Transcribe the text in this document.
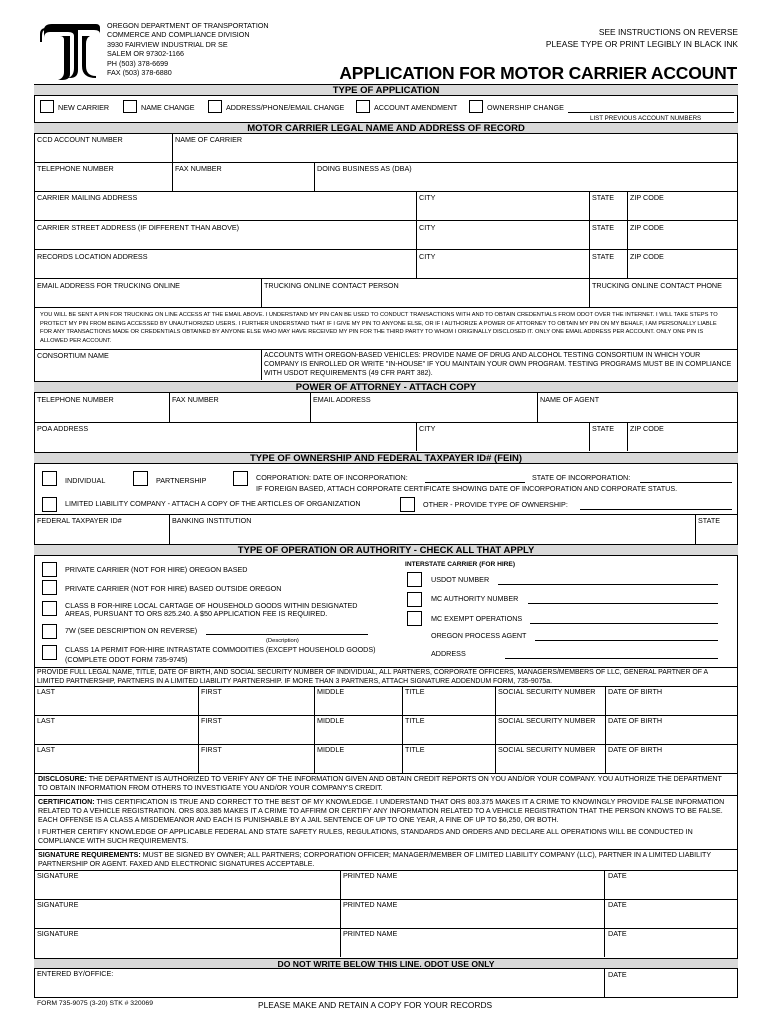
OREGON DEPARTMENT OF TRANSPORTATION
COMMERCE AND COMPLIANCE DIVISION
3930 FAIRVIEW INDUSTRIAL DR SE
SALEM OR 97302-1166
PH (503) 378-6699
FAX (503) 378-6880
SEE INSTRUCTIONS ON REVERSE
PLEASE TYPE OR PRINT LEGIBLY IN BLACK INK
APPLICATION FOR MOTOR CARRIER ACCOUNT
TYPE OF APPLICATION
NEW CARRIER	NAME CHANGE	ADDRESS/PHONE/EMAIL CHANGE	ACCOUNT AMENDMENT	OWNERSHIP CHANGE
LIST PREVIOUS ACCOUNT NUMBERS
MOTOR CARRIER LEGAL NAME AND ADDRESS OF RECORD
CCD ACCOUNT NUMBER	NAME OF CARRIER
TELEPHONE NUMBER	FAX NUMBER	DOING BUSINESS AS (DBA)
CARRIER MAILING ADDRESS	CITY	STATE ZIP CODE
CARRIER STREET ADDRESS (IF DIFFERENT THAN ABOVE)	CITY	STATE ZIP CODE
RECORDS LOCATION ADDRESS	CITY	STATE ZIP CODE
EMAIL ADDRESS FOR TRUCKING ONLINE	TRUCKING ONLINE CONTACT PERSON	TRUCKING ONLINE CONTACT PHONE
YOU WILL BE SENT A PIN FOR TRUCKING ON LINE ACCESS AT THE EMAIL ABOVE. I UNDERSTAND MY PIN CAN BE USED TO CONDUCT TRANSACTIONS WITH AND TO OBTAIN CREDENTIALS FROM ODOT OVER THE INTERNET. I WILL TAKE STEPS TO PROTECT MY PIN FROM BEING ACCESSED BY UNAUTHORIZED USERS. I FURTHER UNDERSTAND THAT IF I GIVE MY PIN TO ANYONE ELSE, OR IF I AUTHORIZE A POWER OF ATTORNEY TO OBTAIN MY PIN ON MY BEHALF, I AM PERSONALLY LIABLE FOR ANY TRANSACTIONS MADE OR CREDENTIALS OBTAINED BY ANYONE ELSE WHO MAY HAVE RECEIVED MY PIN FOR THE THIRD PARTY TO WHOM I ORIGINALLY DISCLOSED IT. ONLY ONE EMAIL ADDRESS PER ACCOUNT. ONLY ONE PIN IS ALLOWED PER ACCOUNT.
CONSORTIUM NAME	ACCOUNTS WITH OREGON-BASED VEHICLES: PROVIDE NAME OF DRUG AND ALCOHOL TESTING CONSORTIUM IN WHICH YOUR COMPANY IS ENROLLED OR WRITE "IN-HOUSE" IF YOU MAINTAIN YOUR OWN PROGRAM. TESTING PROGRAMS MUST BE IN COMPLIANCE WITH USDOT REQUIREMENTS (49 CFR PART 382).
POWER OF ATTORNEY - ATTACH COPY
TELEPHONE NUMBER	FAX NUMBER	EMAIL ADDRESS	NAME OF AGENT
POA ADDRESS	CITY	STATE ZIP CODE
TYPE OF OWNERSHIP AND FEDERAL TAXPAYER ID# (FEIN)
INDIVIDUAL	PARTNERSHIP	CORPORATION: DATE OF INCORPORATION:	STATE OF INCORPORATION:
IF FOREIGN BASED, ATTACH CORPORATE CERTIFICATE SHOWING DATE OF INCORPORATION AND CORPORATE STATUS.
LIMITED LIABILITY COMPANY - ATTACH A COPY OF THE ARTICLES OF ORGANIZATION	OTHER - PROVIDE TYPE OF OWNERSHIP:
FEDERAL TAXPAYER ID#	BANKING INSTITUTION	STATE
TYPE OF OPERATION OR AUTHORITY - CHECK ALL THAT APPLY
PRIVATE CARRIER (NOT FOR HIRE) OREGON BASED
PRIVATE CARRIER (NOT FOR HIRE) BASED OUTSIDE OREGON
CLASS B FOR-HIRE LOCAL CARTAGE OF HOUSEHOLD GOODS WITHIN DESIGNATED AREAS, PURSUANT TO ORS 825.240. A $50 APPLICATION FEE IS REQUIRED.
7W (SEE DESCRIPTION ON REVERSE)
(Description)
CLASS 1A PERMIT FOR-HIRE INTRASTATE COMMODITIES (EXCEPT HOUSEHOLD GOODS)
(COMPLETE ODOT FORM 735-9745)
INTERSTATE CARRIER (FOR HIRE)
USDOT NUMBER
MC AUTHORITY NUMBER
MC EXEMPT OPERATIONS
OREGON PROCESS AGENT
ADDRESS
PROVIDE FULL LEGAL NAME, TITLE, DATE OF BIRTH, AND SOCIAL SECURITY NUMBER OF INDIVIDUAL, ALL PARTNERS, CORPORATE OFFICERS, MANAGERS/MEMBERS OF LLC, GENERAL PARTNER OF A LIMITED PARTNERSHIP, PARTNERS IN A LIMITED LIABILITY PARTNERSHIP. IF MORE THAN 3 PARTNERS, ATTACH SIGNATURE ADDENDUM FORM, 735-9075a.
LAST	FIRST	MIDDLE	TITLE	SOCIAL SECURITY NUMBER DATE OF BIRTH
LAST	FIRST	MIDDLE	TITLE	SOCIAL SECURITY NUMBER DATE OF BIRTH
LAST	FIRST	MIDDLE	TITLE	SOCIAL SECURITY NUMBER DATE OF BIRTH
DISCLOSURE: THE DEPARTMENT IS AUTHORIZED TO VERIFY ANY OF THE INFORMATION GIVEN AND OBTAIN CREDIT REPORTS ON YOU AND/OR YOUR COMPANY. YOU AUTHORIZE THE DEPARTMENT TO OBTAIN INFORMATION FROM OTHERS TO INVESTIGATE YOU AND/OR YOUR COMPANY'S CREDIT.
CERTIFICATION: THIS CERTIFICATION IS TRUE AND CORRECT TO THE BEST OF MY KNOWLEDGE. I UNDERSTAND THAT ORS 803.375 MAKES IT A CRIME TO KNOWINGLY PROVIDE FALSE INFORMATION RELATED TO A VEHICLE REGISTRATION. ORS 803.385 MAKES IT A CRIME TO AFFIRM OR CERTIFY ANY INFORMATION RELATED TO A VEHICLE REGISTRATION THAT THE PERSON KNOWS TO BE FALSE. EACH OFFENSE IS A CLASS A MISDEMEANOR AND EACH IS PUNISHABLE BY A JAIL SENTENCE OF UP TO ONE YEAR, A FINE OF UP TO $6,250, OR BOTH.
I FURTHER CERTIFY KNOWLEDGE OF APPLICABLE FEDERAL AND STATE SAFETY RULES, REGULATIONS, STANDARDS AND ORDERS AND DECLARE ALL OPERATIONS WILL BE CONDUCTED IN COMPLIANCE WITH SUCH REQUIREMENTS.
SIGNATURE REQUIREMENTS: MUST BE SIGNED BY OWNER; ALL PARTNERS; CORPORATION OFFICER; MANAGER/MEMBER OF LIMITED LIABILITY COMPANY (LLC), PARTNER IN A LIMITED LIABILITY PARTNERSHIP OR AGENT. FAXED AND ELECTRONIC SIGNATURES ACCEPTABLE.
SIGNATURE	PRINTED NAME	DATE
SIGNATURE	PRINTED NAME	DATE
SIGNATURE	PRINTED NAME	DATE
DO NOT WRITE BELOW THIS LINE. ODOT USE ONLY
ENTERED BY/OFFICE:	DATE
FORM 735-9075 (3-20) STK # 320069	PLEASE MAKE AND RETAIN A COPY FOR YOUR RECORDS
